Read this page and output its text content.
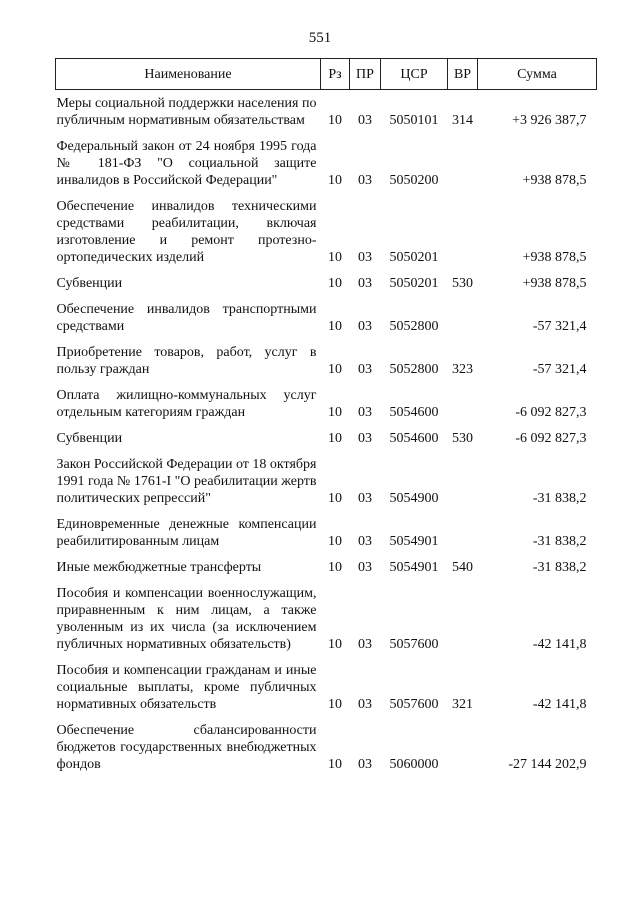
551
Наименование	Рз	ПР	ЦСР	ВР	Сумма
Меры социальной поддержки населения по публичным нормативным обязательствам	10	03	5050101	314	+3 926 387,7
Федеральный закон от 24 ноября 1995 года № 181-ФЗ "О социальной защите инвалидов в Российской Федерации"	10	03	5050200		+938 878,5
Обеспечение инвалидов техническими средствами реабилитации, включая изготовление и ремонт протезно-ортопедических изделий	10	03	5050201		+938 878,5
Субвенции	10	03	5050201	530	+938 878,5
Обеспечение инвалидов транспортными средствами	10	03	5052800		-57 321,4
Приобретение товаров, работ, услуг в пользу граждан	10	03	5052800	323	-57 321,4
Оплата жилищно-коммунальных услуг отдельным категориям граждан	10	03	5054600		-6 092 827,3
Субвенции	10	03	5054600	530	-6 092 827,3
Закон Российской Федерации от 18 октября 1991 года № 1761-I "О реабилитации жертв политических репрессий"	10	03	5054900		-31 838,2
Единовременные денежные компенсации реабилитированным лицам	10	03	5054901		-31 838,2
Иные межбюджетные трансферты	10	03	5054901	540	-31 838,2
Пособия и компенсации военнослужащим, приравненным к ним лицам, а также уволенным из их числа (за исключением публичных нормативных обязательств)	10	03	5057600		-42 141,8
Пособия и компенсации гражданам и иные социальные выплаты, кроме публичных нормативных обязательств	10	03	5057600	321	-42 141,8
Обеспечение сбалансированности бюджетов государственных внебюджетных фондов	10	03	5060000		-27 144 202,9
